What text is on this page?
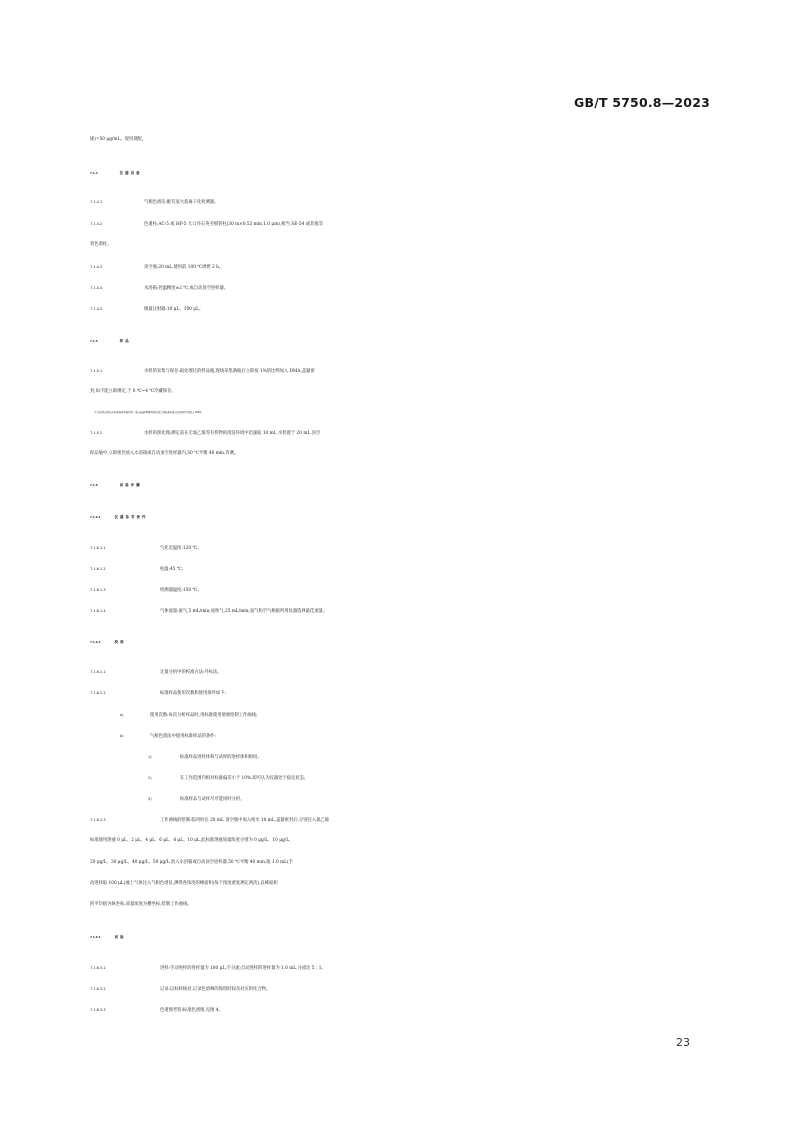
GB/T 5750.8—2023
烯)=50 μg/mL。现用现配。
7.1.4	仪器设备
7.1.4.1	气相色谱仪:配有氢火焰离子化检测器。
7.1.4.2	色谱柱:AC-5 或 HP-5 大口径石英毛细管柱(30 m×0.53 mm,1.0 μm),相当 SE-54 或其他等
效色谱柱。
7.1.4.3	顶空瓶:20 mL,使用前 100 ℃烘烤 2 h。
7.1.4.4	水浴箱:控温精度±2 ℃,或自动顶空进样器。
7.1.4.5	微量注射器:10 μL、100 μL。
7.1.5	样品
7.1.5.1	水样的采集与保存:取处理过的样品瓶,现场采集满瓶后立即按 1%的比例加入 DMA,盖紧密
封,如不能立即测定,于 0 ℃~4 ℃冷藏保存。
注:实际样品基质与标准溶液基质保持一致,若选择甲醇基质的氯乙烯标准溶液,则采样时不用加入 DMA。
7.1.5.2	水样的预处理:测定前在无氯乙烯等有机物的清洁环境中迅速取 10 mL 水样置于 20 mL 顶空
样品瓶中,立即密封放入水浴箱或自动顶空进样器内,50 ℃平衡 40 min,待测。
7.1.6	试验步骤
7.1.6.1	仪器参考条件
7.1.6.1.1	气化室温度:120 ℃。
7.1.6.1.2	柱温:45 ℃。
7.1.6.1.3	检测器温度:150 ℃。
7.1.6.1.4	气体流量:氮气,5 mL/min;尾吹气,25 mL/min;氢气和空气根据所用仪器选择最佳流量。
7.1.6.2	校准
7.1.6.2.1	定量分析中的校准方法:外标法。
7.1.6.2.2	标准样品使用次数和使用条件如下:
a)	使用次数:每次分析样品时,用标准使用溶液绘制工作曲线;
b)	气相色谱法中使用标准样品的条件:
1)	标准样品进样体积与试样的进样体积相同;
2)	在工作范围内相对标准偏差小于 10%,即可认为仪器处于稳定状态;
3)	标准样品与试样尽可能同时分析。
7.1.6.2.3	工作曲线的绘制:临用时在 20 mL 顶空瓶中加入纯水 10 mL,盖紧密封后,分别注入氯乙烯
标准使用溶液 0 μL、2 μL、4 μL、6 μL、8 μL、10 μL,此标准溶液质量浓度分别为 0 μg/L、10 μg/L、
20 μg/L、30 μg/L、40 μg/L、50 μg/L,放入水浴箱或自动顶空进样器,50 ℃平衡 40 min,取 1.0 mL(手
动进样取 100 μL)液上气体注入气相色谱仪,测得各浓度的峰面积(每个浓度重复测定两次),以峰面积
的平均值为纵坐标,质量浓度为横坐标,绘制工作曲线。
7.1.6.3	试验
7.1.6.3.1	进样:手动进样的进样量为 100 μL,不分流;自动进样的进样量为 1.0 mL,分流比 5∶1。
7.1.6.3.2	记录:以标样核对,记录色谱峰的保留时间及对应的化合物。
7.1.6.3.3	色谱图考察:标准色谱图,见图 4。
23
